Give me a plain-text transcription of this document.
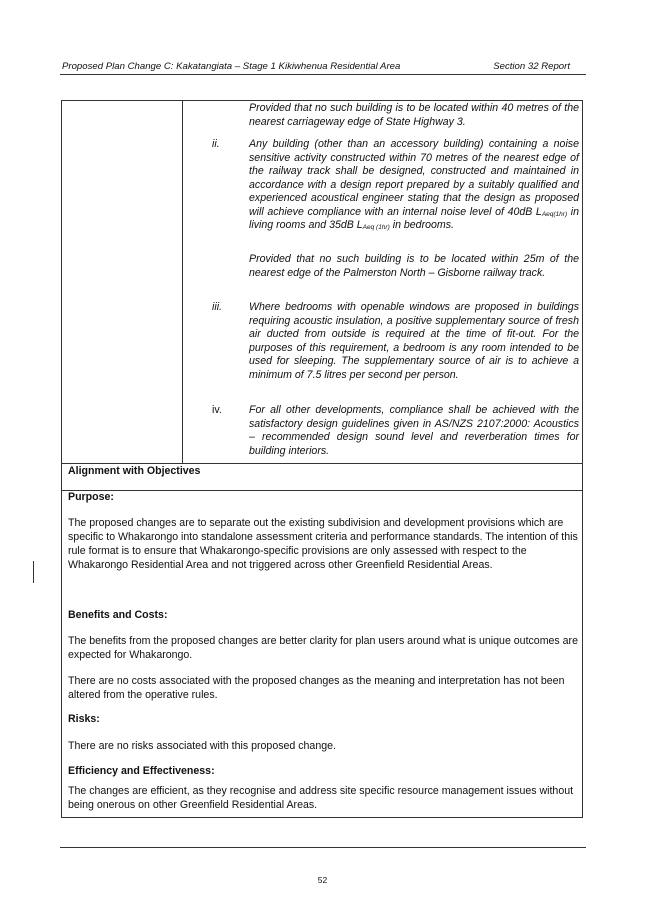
Proposed Plan Change C: Kakatangiata – Stage 1 Kikiwhenua Residential Area	Section 32 Report
Provided that no such building is to be located within 40 metres of the nearest carriageway edge of State Highway 3.
ii.	Any building (other than an accessory building) containing a noise sensitive activity constructed within 70 metres of the nearest edge of the railway track shall be designed, constructed and maintained in accordance with a design report prepared by a suitably qualified and experienced acoustical engineer stating that the design as proposed will achieve compliance with an internal noise level of 40dB $L_{Aeq(1hr)}$ in living rooms and 35dB $L_{Aeq (1hr)}$ in bedrooms.
Provided that no such building is to be located within 25m of the nearest edge of the Palmerston North – Gisborne railway track.
iii.	Where bedrooms with openable windows are proposed in buildings requiring acoustic insulation, a positive supplementary source of fresh air ducted from outside is required at the time of fit-out. For the purposes of this requirement, a bedroom is any room intended to be used for sleeping. The supplementary source of air is to achieve a minimum of 7.5 litres per second per person.
iv.	For all other developments, compliance shall be achieved with the satisfactory design guidelines given in AS/NZS 2107:2000: Acoustics – recommended design sound level and reverberation times for building interiors.
Alignment with Objectives
Purpose:
The proposed changes are to separate out the existing subdivision and development provisions which are specific to Whakarongo into standalone assessment criteria and performance standards. The intention of this rule format is to ensure that Whakarongo-specific provisions are only assessed with respect to the Whakarongo Residential Area and not triggered across other Greenfield Residential Areas.
Benefits and Costs:
The benefits from the proposed changes are better clarity for plan users around what is unique outcomes are expected for Whakarongo.
There are no costs associated with the proposed changes as the meaning and interpretation has not been altered from the operative rules.
Risks:
There are no risks associated with this proposed change.
Efficiency and Effectiveness:
The changes are efficient, as they recognise and address site specific resource management issues without being onerous on other Greenfield Residential Areas.
52
